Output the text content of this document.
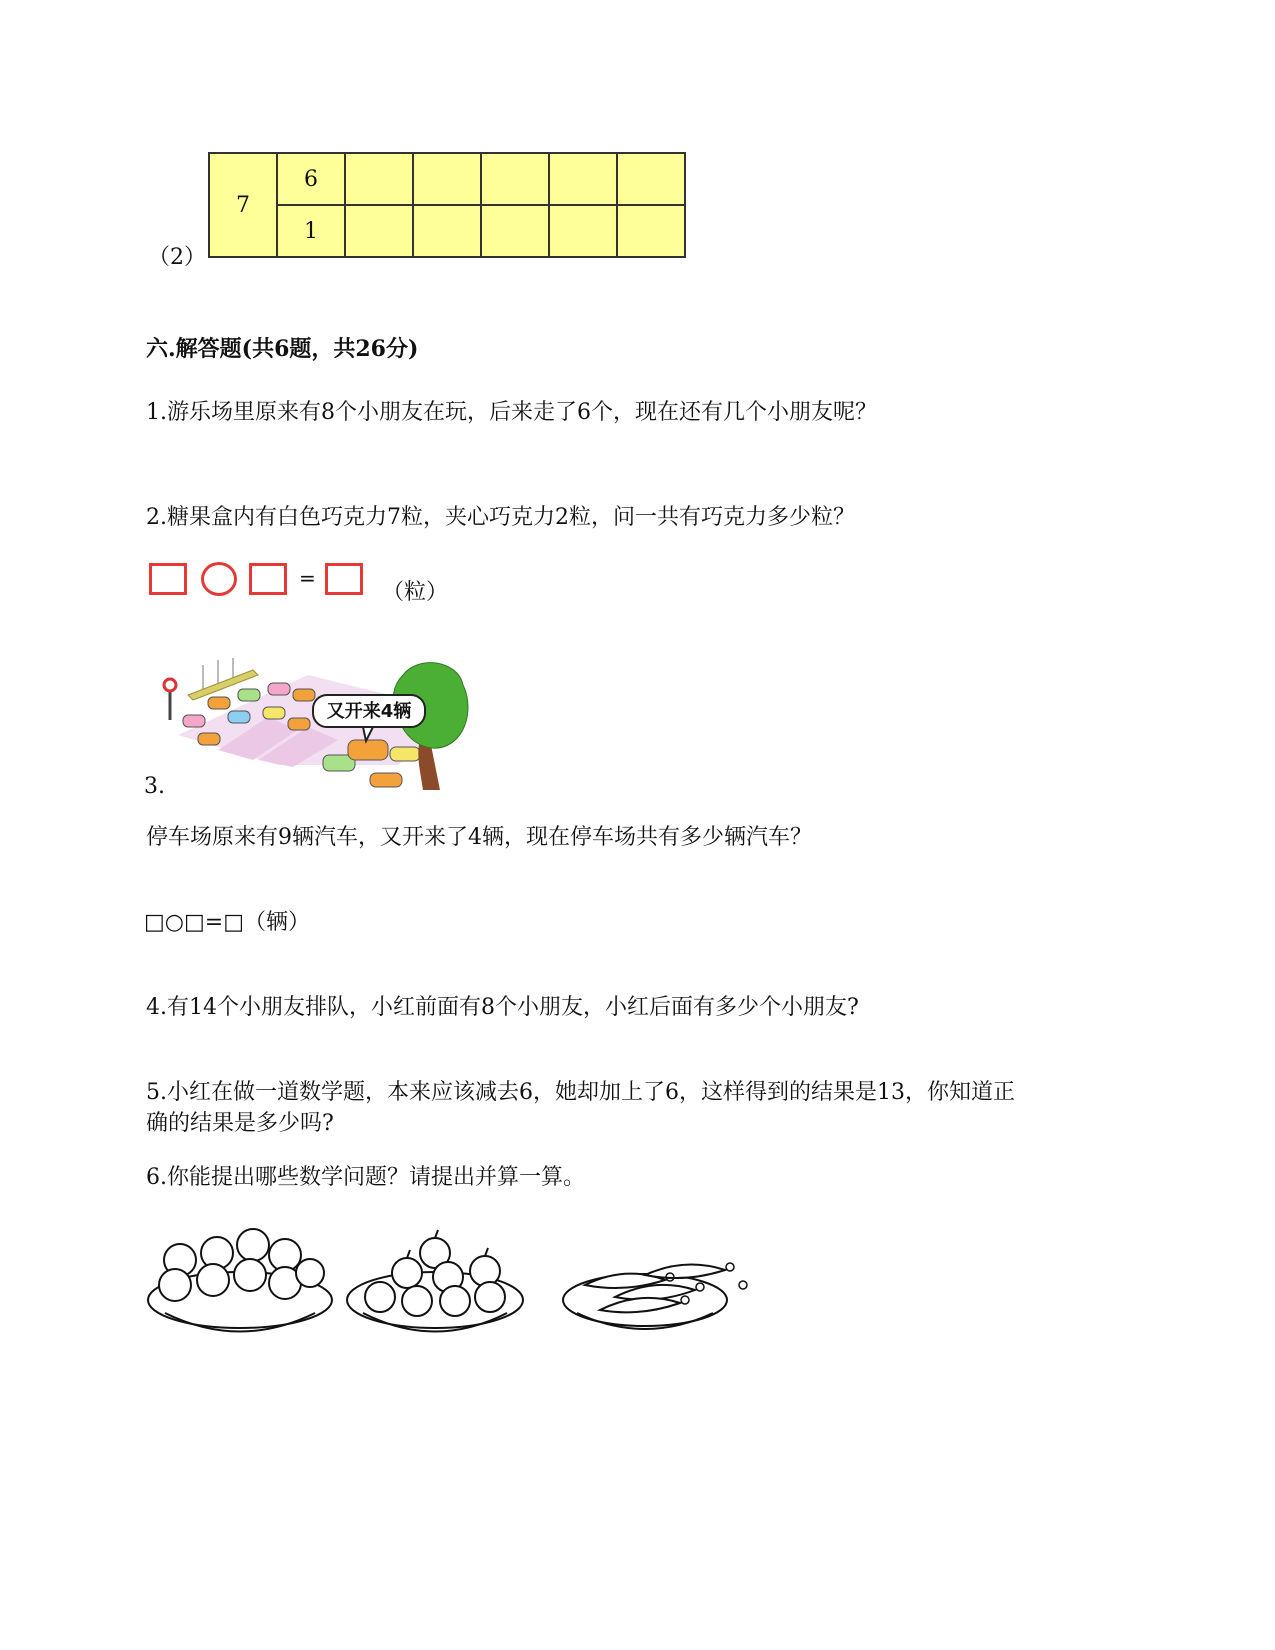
（2）
7	6					
	1					
六.解答题(共6题，共26分)
1.游乐场里原来有8个小朋友在玩，后来走了6个，现在还有几个小朋友呢？
2.糖果盒内有白色巧克力7粒，夹心巧克力2粒，问一共有巧克力多少粒？
=
（粒）
又开来4辆
3.
停车场原来有9辆汽车，又开来了4辆，现在停车场共有多少辆汽车？
□○□=□（辆）
4.有14个小朋友排队，小红前面有8个小朋友，小红后面有多少个小朋友?
5.小红在做一道数学题，本来应该减去6，她却加上了6，这样得到的结果是13，你知道正
确的结果是多少吗?
6.你能提出哪些数学问题？请提出并算一算。
